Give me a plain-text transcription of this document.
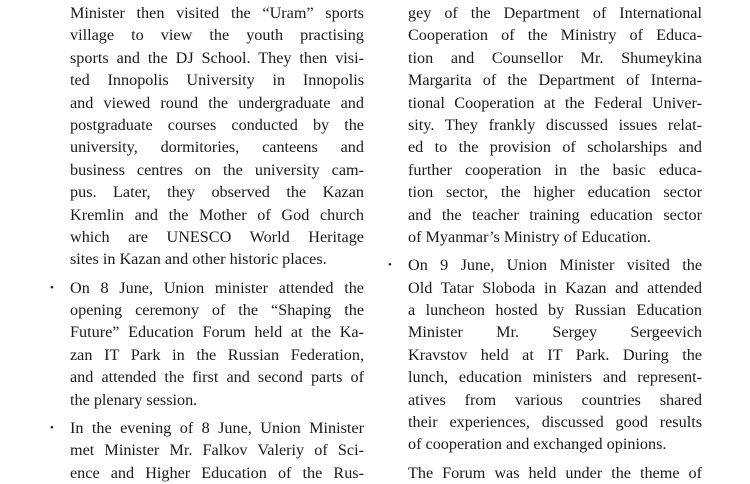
Minister then visited the “Uram” sports
village to view the youth practising
sports and the DJ School. They then visi-
ted Innopolis University in Innopolis
and viewed round the undergraduate and
postgraduate courses conducted by the
university, dormitories, canteens and
business centres on the university cam-
pus. Later, they observed the Kazan
Kremlin and the Mother of God church
which are UNESCO World Heritage
sites in Kazan and other historic places.
• On 8 June, Union minister attended the
opening ceremony of the “Shaping the
Future” Education Forum held at the Ka-
zan IT Park in the Russian Federation,
and attended the first and second parts of
the plenary session.
• In the evening of 8 June, Union Minister
met Minister Mr. Falkov Valeriy of Sci-
ence and Higher Education of the Rus-
gey of the Department of International
Cooperation of the Ministry of Educa-
tion and Counsellor Mr. Shumeykina
Margarita of the Department of Interna-
tional Cooperation at the Federal Univer-
sity. They frankly discussed issues relat-
ed to the provision of scholarships and
further cooperation in the basic educa-
tion sector, the higher education sector
and the teacher training education sector
of Myanmar’s Ministry of Education.
• On 9 June, Union Minister visited the
Old Tatar Sloboda in Kazan and attended
a luncheon hosted by Russian Education
Minister Mr. Sergey Sergeevich
Kravstov held at IT Park. During the
lunch, education ministers and represent-
atives from various countries shared
their experiences, discussed good results
of cooperation and exchanged opinions.
The Forum was held under the theme of
